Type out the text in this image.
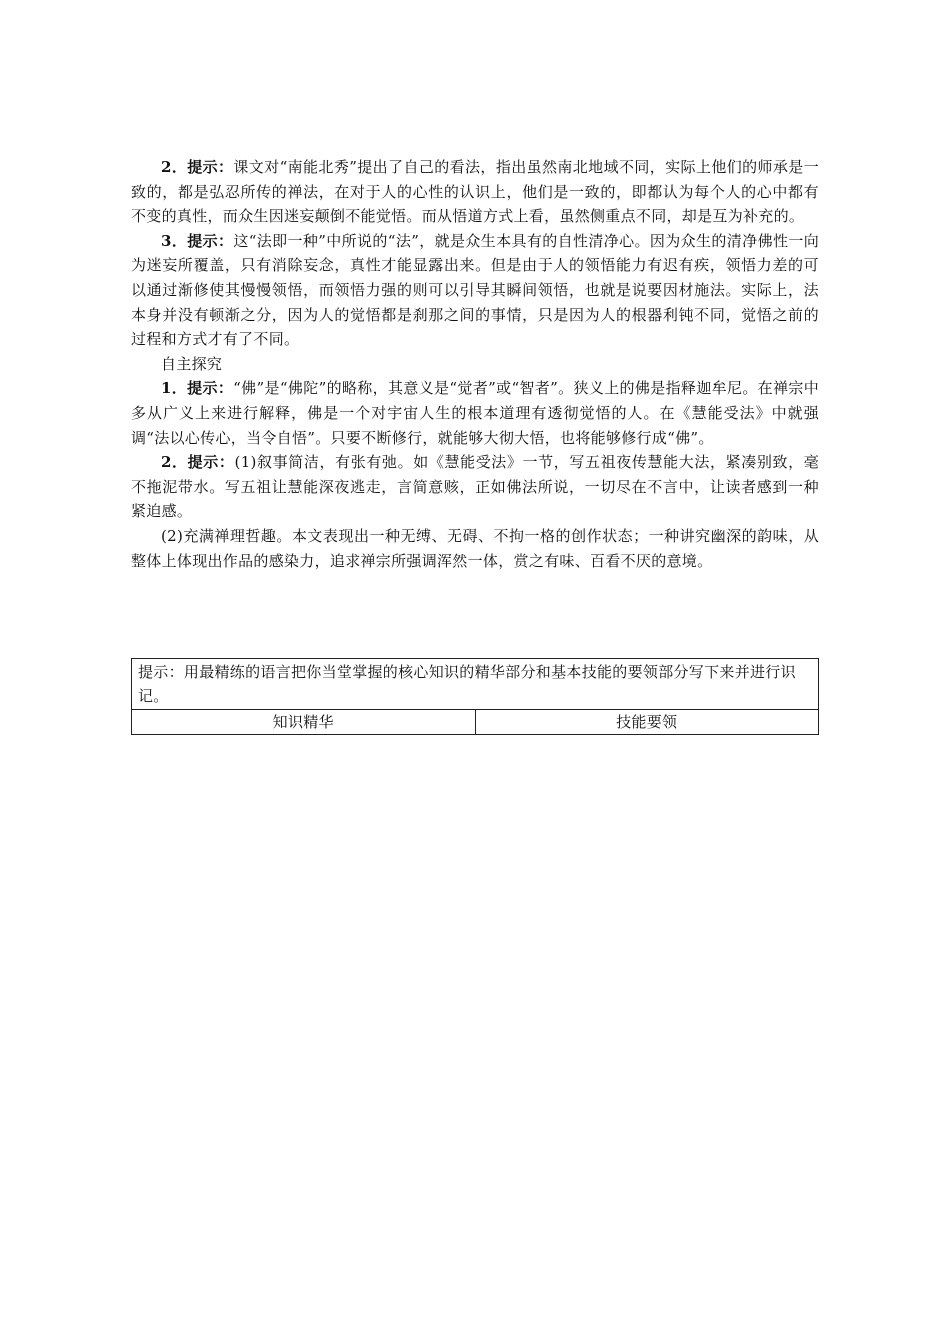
2．提示：课文对“南能北秀”提出了自己的看法，指出虽然南北地域不同，实际上他们的师承是一致的，都是弘忍所传的禅法，在对于人的心性的认识上，他们是一致的，即都认为每个人的心中都有不变的真性，而众生因迷妄颠倒不能觉悟。而从悟道方式上看，虽然侧重点不同，却是互为补充的。

3．提示：这“法即一种”中所说的“法”，就是众生本具有的自性清净心。因为众生的清净佛性一向为迷妄所覆盖，只有消除妄念，真性才能显露出来。但是由于人的领悟能力有迟有疾，领悟力差的可以通过渐修使其慢慢领悟，而领悟力强的则可以引导其瞬间领悟，也就是说要因材施法。实际上，法本身并没有顿渐之分，因为人的觉悟都是刹那之间的事情，只是因为人的根器利钝不同，觉悟之前的过程和方式才有了不同。

自主探究

1．提示：“佛”是“佛陀”的略称，其意义是“觉者”或“智者”。狭义上的佛是指释迦牟尼。在禅宗中多从广义上来进行解释，佛是一个对宇宙人生的根本道理有透彻觉悟的人。在《慧能受法》中就强调“法以心传心，当令自悟”。只要不断修行，就能够大彻大悟，也将能够修行成“佛”。

2．提示：(1)叙事简洁，有张有弛。如《慧能受法》一节，写五祖夜传慧能大法，紧凑别致，毫不拖泥带水。写五祖让慧能深夜逃走，言简意赅，正如佛法所说，一切尽在不言中，让读者感到一种紧迫感。

(2)充满禅理哲趣。本文表现出一种无缚、无碍、不拘一格的创作状态；一种讲究幽深的韵味，从整体上体现出作品的感染力，追求禅宗所强调浑然一体，赏之有味、百看不厌的意境。

提示：用最精练的语言把你当堂掌握的核心知识的精华部分和基本技能的要领部分写下来并进行识记。
知识精华	技能要领
